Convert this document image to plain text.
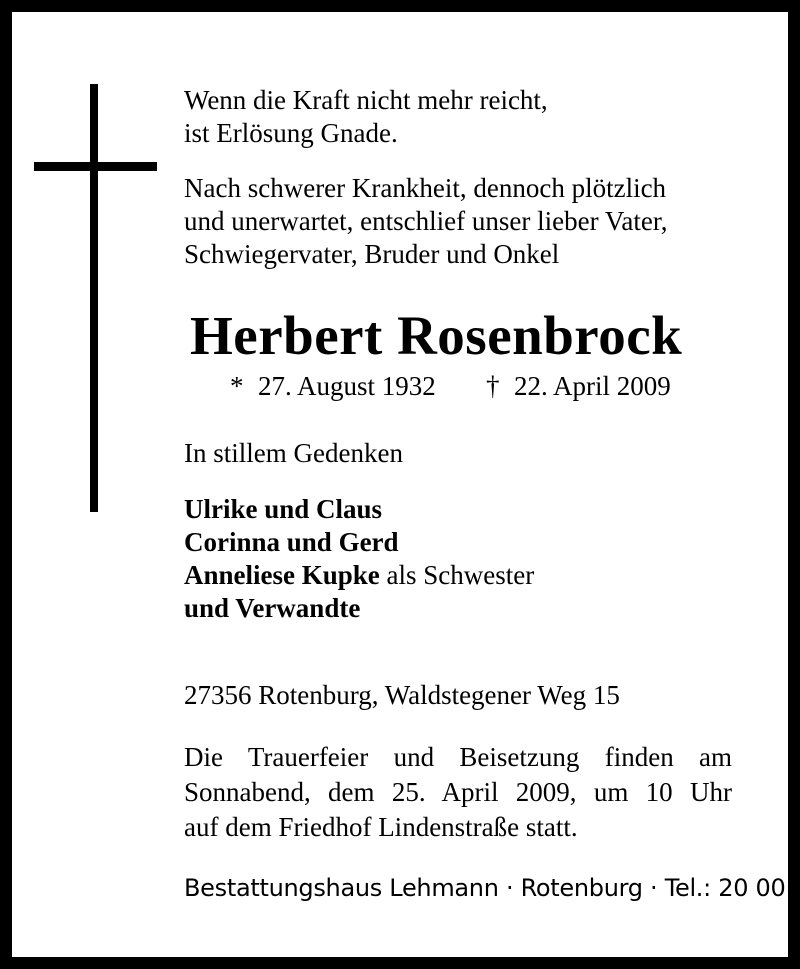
Wenn die Kraft nicht mehr reicht,
ist Erlösung Gnade.
Nach schwerer Krankheit, dennoch plötzlich
und unerwartet, entschlief unser lieber Vater,
Schwiegervater, Bruder und Onkel
Herbert Rosenbrock
* 27. August 1932 † 22. April 2009
In stillem Gedenken
Ulrike und Claus
Corinna und Gerd
Anneliese Kupke als Schwester
und Verwandte
27356 Rotenburg, Waldstegener Weg 15
Die Trauerfeier und Beisetzung finden am
Sonnabend, dem 25. April 2009, um 10 Uhr
auf dem Friedhof Lindenstraße statt.
Bestattungshaus Lehmann · Rotenburg · Tel.: 20 00
